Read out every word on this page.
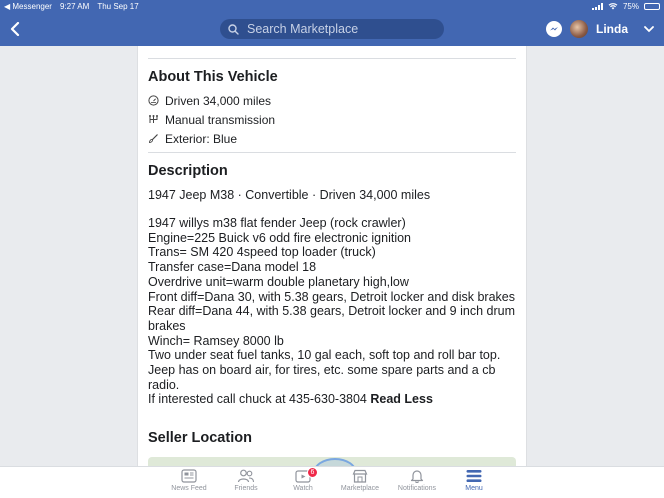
◀ Messenger 9:27 AM Thu Sep 17	75%
Search Marketplace
Linda
About This Vehicle
Driven 34,000 miles
Manual transmission
Exterior: Blue
Description
1947 Jeep M38 · Convertible · Driven 34,000 miles
1947 willys m38 flat fender Jeep (rock crawler)
Engine=225 Buick v6 odd fire electronic ignition
Trans= SM 420 4speed top loader (truck)
Transfer case=Dana model 18
Overdrive unit=warm double planetary high,low
Front diff=Dana 30, with 5.38 gears, Detroit locker and disk brakes
Rear diff=Dana 44, with 5.38 gears, Detroit locker and 9 inch drum
brakes
Winch= Ramsey 8000 lb
Two under seat fuel tanks, 10 gal each, soft top and roll bar top.
Jeep has on board air, for tires, etc. some spare parts and a cb
radio.
If interested call chuck at 435-630-3804 Read Less
Seller Location
News Feed	Friends
6
Watch	Marketplace	Notifications	Menu
